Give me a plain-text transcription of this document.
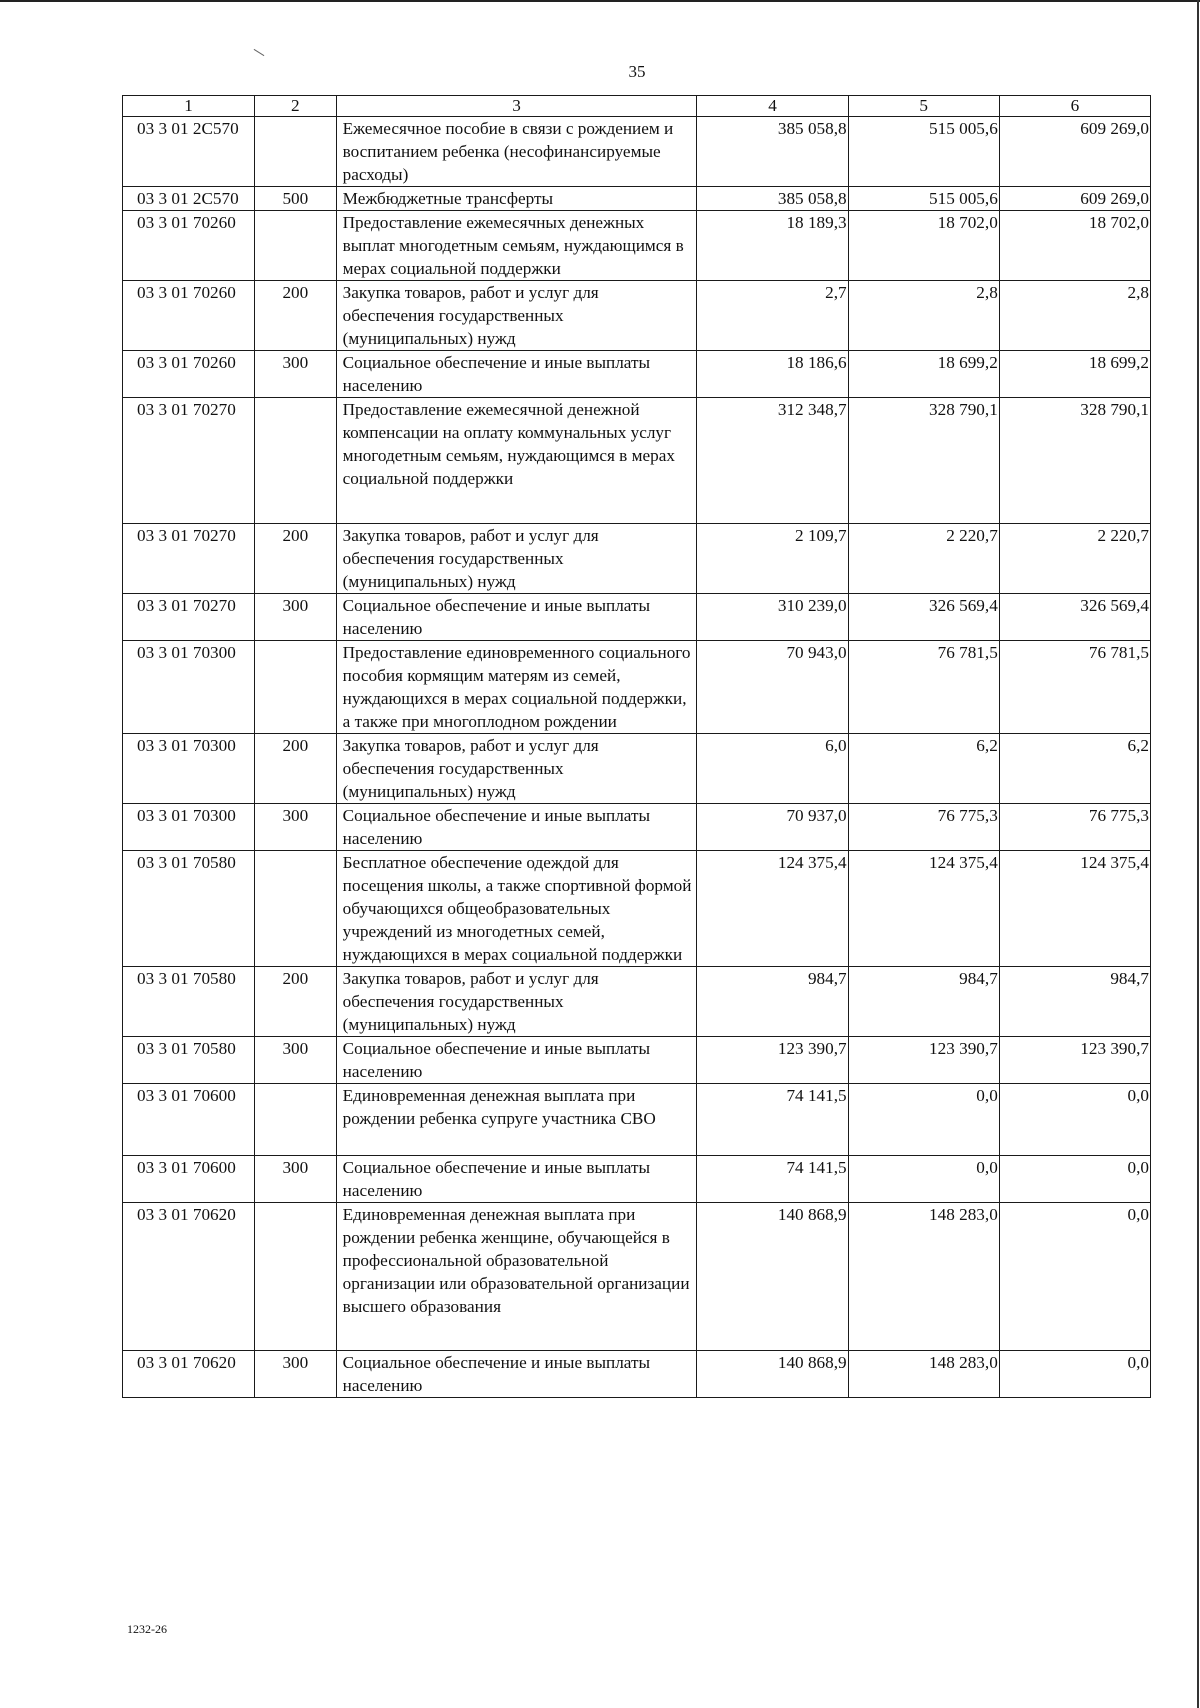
35
1	2	3	4	5	6
03 3 01 2C570		Ежемесячное пособие в связи с рождением и воспитанием ребенка (несофинансируемые расходы)	385 058,8	515 005,6	609 269,0
03 3 01 2C570	500	Межбюджетные трансферты	385 058,8	515 005,6	609 269,0
03 3 01 70260		Предоставление ежемесячных денежных выплат многодетным семьям, нуждающимся в мерах социальной поддержки	18 189,3	18 702,0	18 702,0
03 3 01 70260	200	Закупка товаров, работ и услуг для обеспечения государственных (муниципальных) нужд	2,7	2,8	2,8
03 3 01 70260	300	Социальное обеспечение и иные выплаты населению	18 186,6	18 699,2	18 699,2
03 3 01 70270		Предоставление ежемесячной денежной компенсации на оплату коммунальных услуг многодетным семьям, нуждающимся в мерах социальной поддержки	312 348,7	328 790,1	328 790,1
03 3 01 70270	200	Закупка товаров, работ и услуг для обеспечения государственных (муниципальных) нужд	2 109,7	2 220,7	2 220,7
03 3 01 70270	300	Социальное обеспечение и иные выплаты населению	310 239,0	326 569,4	326 569,4
03 3 01 70300		Предоставление единовременного социального пособия кормящим матерям из семей, нуждающихся в мерах социальной поддержки, а также при многоплодном рождении	70 943,0	76 781,5	76 781,5
03 3 01 70300	200	Закупка товаров, работ и услуг для обеспечения государственных (муниципальных) нужд	6,0	6,2	6,2
03 3 01 70300	300	Социальное обеспечение и иные выплаты населению	70 937,0	76 775,3	76 775,3
03 3 01 70580		Бесплатное обеспечение одеждой для посещения школы, а также спортивной формой обучающихся общеобразовательных учреждений из многодетных семей, нуждающихся в мерах социальной поддержки	124 375,4	124 375,4	124 375,4
03 3 01 70580	200	Закупка товаров, работ и услуг для обеспечения государственных (муниципальных) нужд	984,7	984,7	984,7
03 3 01 70580	300	Социальное обеспечение и иные выплаты населению	123 390,7	123 390,7	123 390,7
03 3 01 70600		Единовременная денежная выплата при рождении ребенка супруге участника СВО	74 141,5	0,0	0,0
03 3 01 70600	300	Социальное обеспечение и иные выплаты населению	74 141,5	0,0	0,0
03 3 01 70620		Единовременная денежная выплата при рождении ребенка женщине, обучающейся в профессиональной образовательной организации или образовательной организации высшего образования	140 868,9	148 283,0	0,0
03 3 01 70620	300	Социальное обеспечение и иные выплаты населению	140 868,9	148 283,0	0,0
1232-26
